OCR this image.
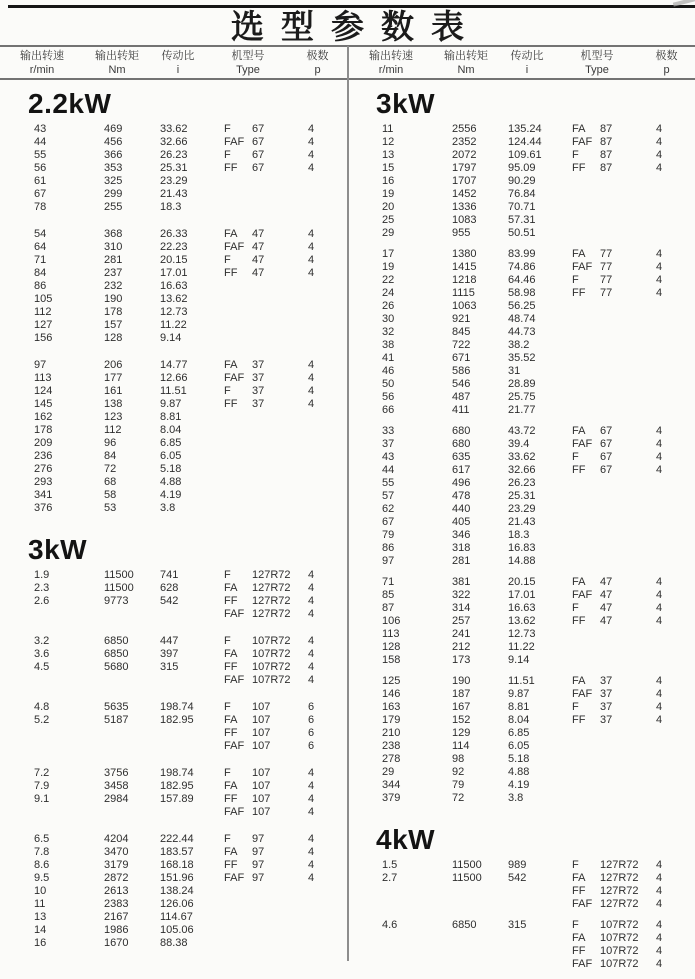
选型参数表
输出转速
r/min
输出转矩
Nm
传动比
i
机型号
Type
极数
p
输出转速
r/min
输出转矩
Nm
传动比
i
机型号
Type
极数
p
2.2kW
43	469	33.62	F	67	4
44	456	32.66	FAF 67	4
55	366	26.23	F	67	4
56	353	25.31	FF	67	4
61	325	23.29
67	299	21.43
78	255	18.3
54	368	26.33	FA	47	4
64	310	22.23	FAF 47	4
71	281	20.15	F	47	4
84	237	17.01	FF	47	4
86	232	16.63
105	190	13.62
112	178	12.73
127	157	11.22
156	128	9.14
97	206	14.77	FA	37	4
113	177	12.66	FAF 37	4
124	161	11.51	F	37	4
145	138	9.87	FF	37	4
162	123	8.81
178	112	8.04
209	96	6.85
236	84	6.05
276	72	5.18
293	68	4.88
341	58	4.19
376	53	3.8
3kW
1.9	11500	741	F	127R72	4
2.3	11500	628	FA	127R72	4
2.6	9773	542	FF	127R72	4
FAF 127R72	4
3.2	6850	447	F	107R72	4
3.6	6850	397	FA	107R72	4
4.5	5680	315	FF	107R72	4
FAF 107R72	4
4.8	5635	198.74	F	107	6
5.2	5187	182.95	FA	107	6
FF	107	6
FAF 107	6
7.2	3756	198.74	F	107	4
7.9	3458	182.95	FA	107	4
9.1	2984	157.89	FF	107	4
FAF 107	4
6.5	4204	222.44	F	97	4
7.8	3470	183.57	FA	97	4
8.6	3179	168.18	FF	97	4
9.5	2872	151.96	FAF 97	4
10	2613	138.24
11	2383	126.06
13	2167	114.67
14	1986	105.06
16	1670	88.38
3kW
11	2556	135.24	FA	87	4
12	2352	124.44	FAF 87	4
13	2072	109.61	F	87	4
15	1797	95.09	FF	87	4
16	1707	90.29
19	1452	76.84
20	1336	70.71
25	1083	57.31
29	955	50.51
17	1380	83.99	FA	77	4
19	1415	74.86	FAF 77	4
22	1218	64.46	F	77	4
24	1115	58.98	FF	77	4
26	1063	56.25
30	921	48.74
32	845	44.73
38	722	38.2
41	671	35.52
46	586	31
50	546	28.89
56	487	25.75
66	411	21.77
33	680	43.72	FA	67	4
37	680	39.4	FAF 67	4
43	635	33.62	F	67	4
44	617	32.66	FF	67	4
55	496	26.23
57	478	25.31
62	440	23.29
67	405	21.43
79	346	18.3
86	318	16.83
97	281	14.88
71	381	20.15	FA	47	4
85	322	17.01	FAF 47	4
87	314	16.63	F	47	4
106	257	13.62	FF	47	4
113	241	12.73
128	212	11.22
158	173	9.14
125	190	11.51	FA	37	4
146	187	9.87	FAF 37	4
163	167	8.81	F	37	4
179	152	8.04	FF	37	4
210	129	6.85
238	114	6.05
278	98	5.18
29	92	4.88
344	79	4.19
379	72	3.8
4kW
1.5	11500	989	F	127R72	4
2.7	11500	542	FA	127R72	4
FF	127R72	4
FAF 127R72	4
4.6	6850	315	F	107R72	4
FA	107R72	4
FF	107R72	4
FAF 107R72	4
